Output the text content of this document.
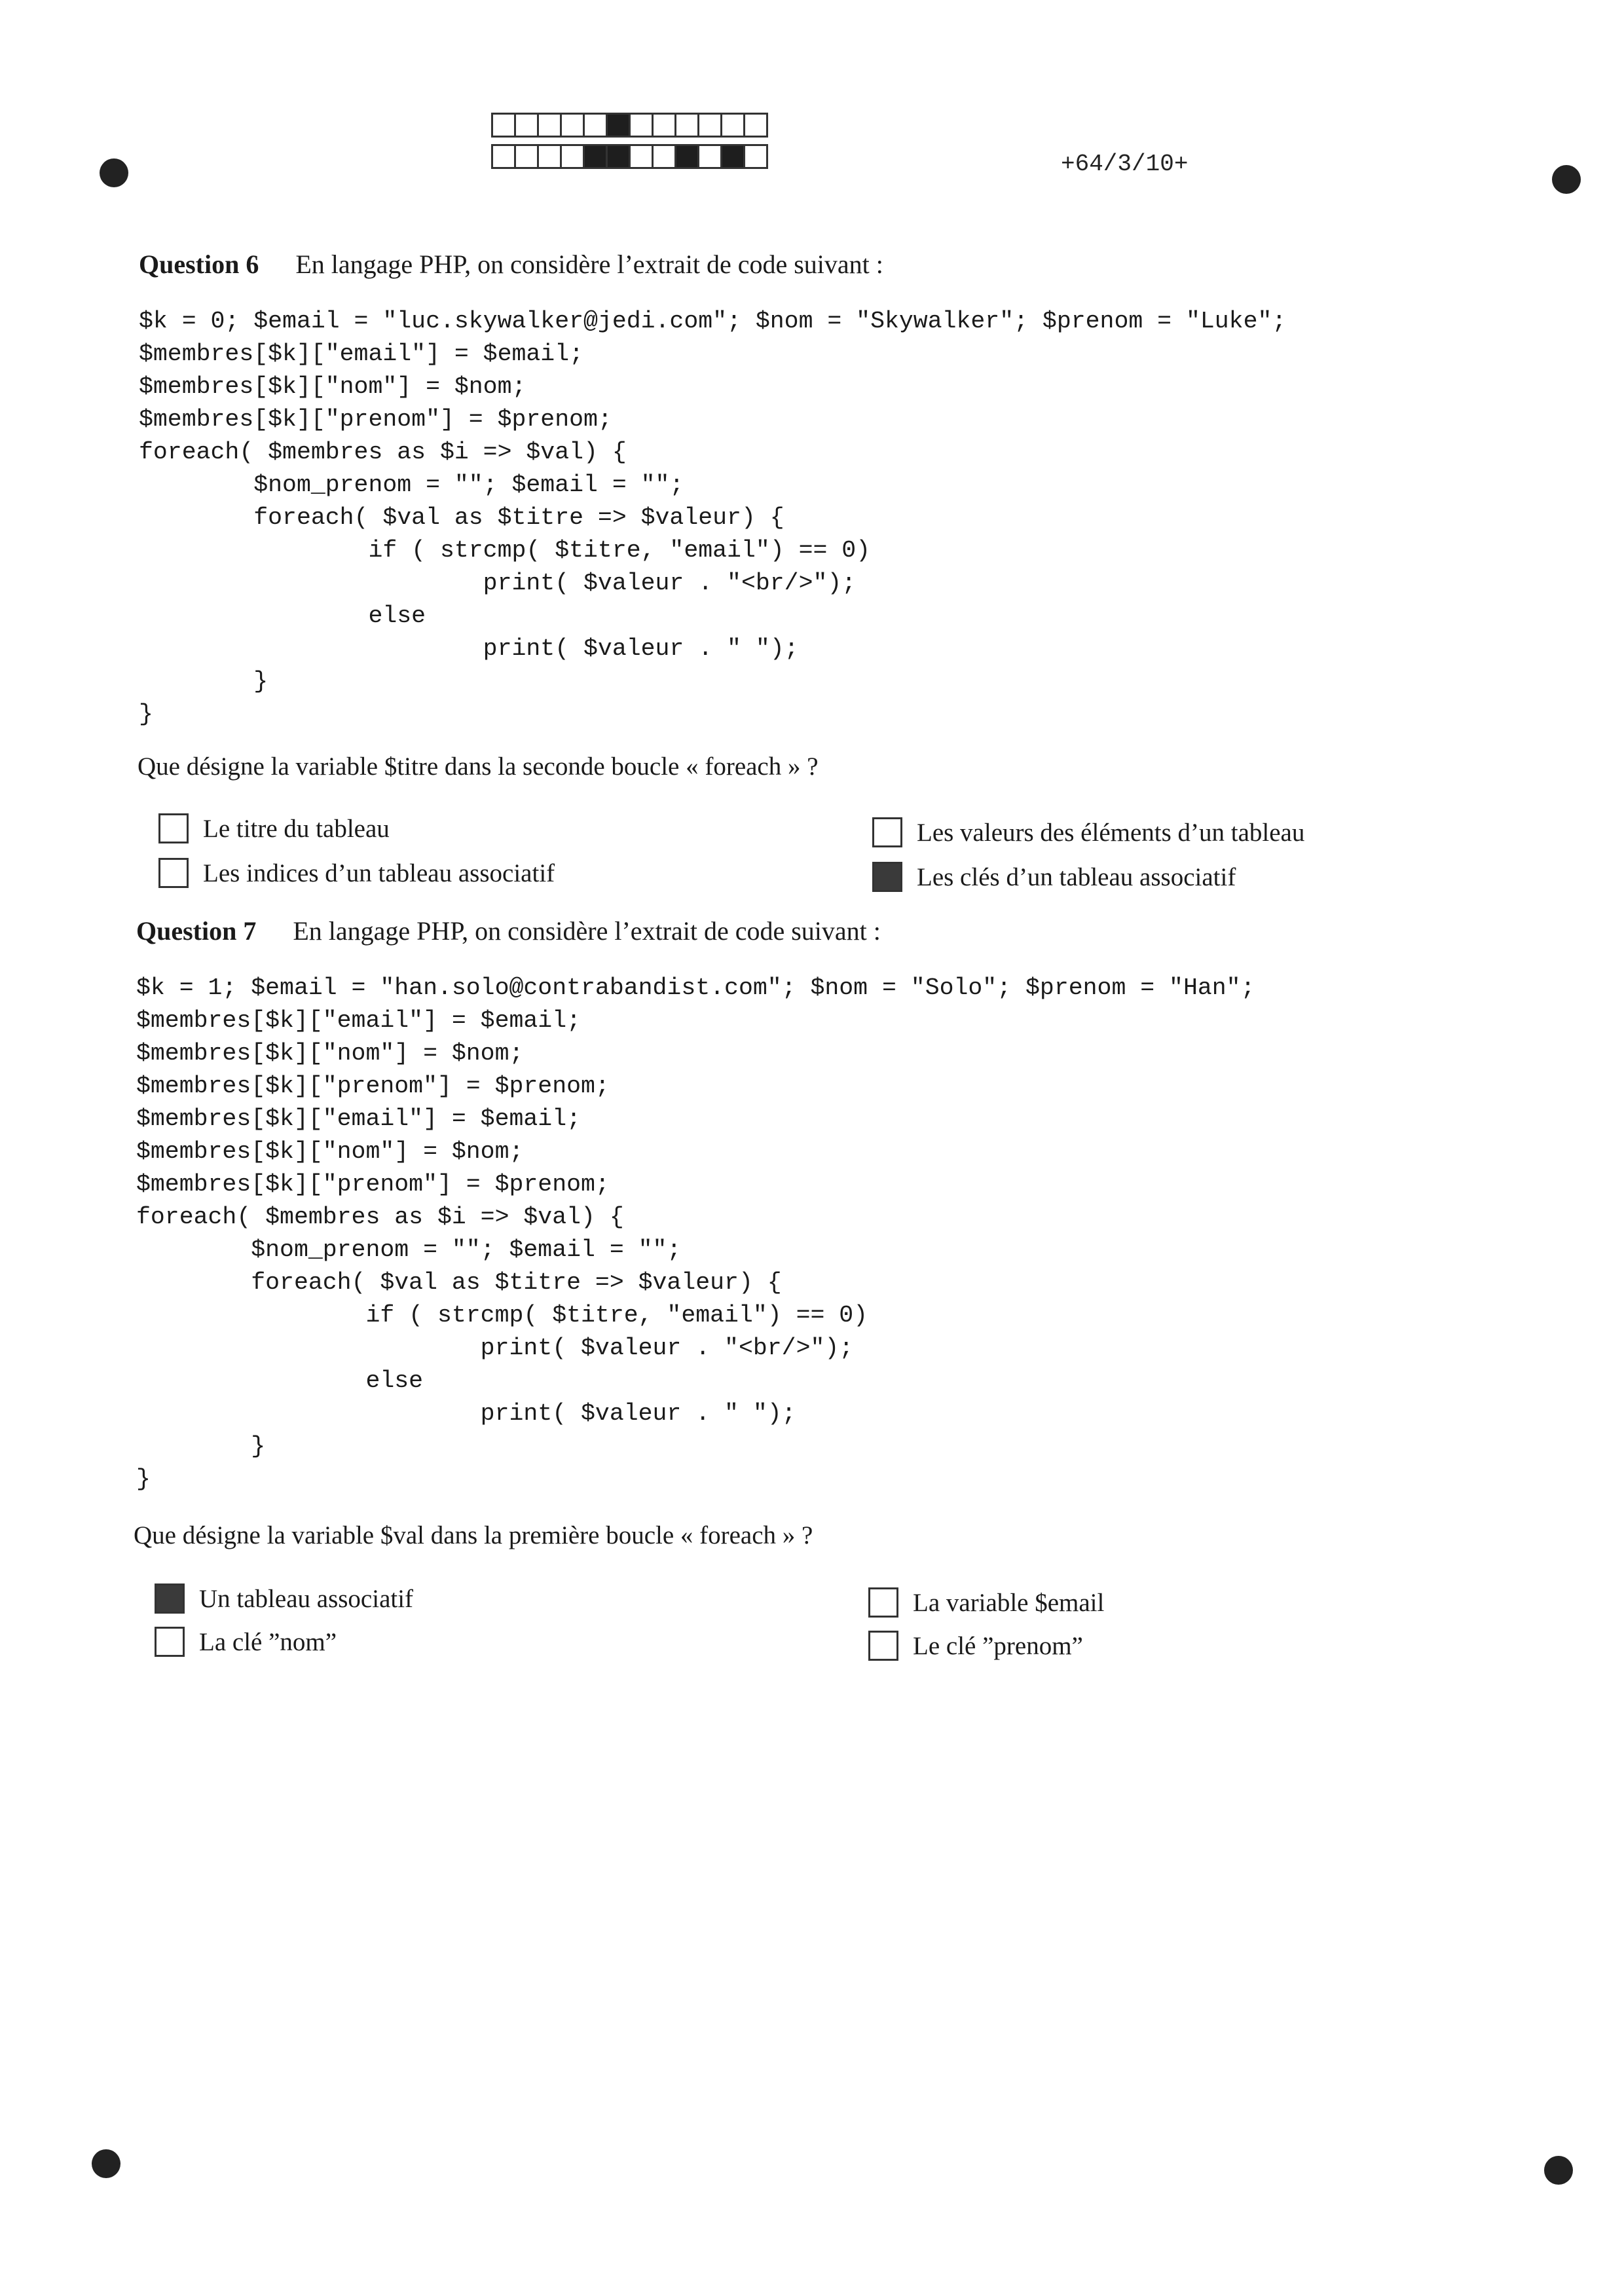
+64/3/10+
Question 6 En langage PHP, on considère l’extrait de code suivant :
$k = 0; $email = "luc.skywalker@jedi.com"; $nom = "Skywalker"; $prenom = "Luke";
$membres[$k]["email"] = $email;
$membres[$k]["nom"] = $nom;
$membres[$k]["prenom"] = $prenom;
foreach( $membres as $i => $val) {
$nom_prenom = ""; $email = "";
foreach( $val as $titre => $valeur) {
if ( strcmp( $titre, "email") == 0)
print( $valeur . "<br/>");
else
print( $valeur . " ");
}
}
Que désigne la variable $titre dans la seconde boucle « foreach » ?
Le titre du tableau	Les valeurs des éléments d’un tableau
Les indices d’un tableau associatif	Les clés d’un tableau associatif
Question 7 En langage PHP, on considère l’extrait de code suivant :
$k = 1; $email = "han.solo@contrabandist.com"; $nom = "Solo"; $prenom = "Han";
$membres[$k]["email"] = $email;
$membres[$k]["nom"] = $nom;
$membres[$k]["prenom"] = $prenom;
$membres[$k]["email"] = $email;
$membres[$k]["nom"] = $nom;
$membres[$k]["prenom"] = $prenom;
foreach( $membres as $i => $val) {
$nom_prenom = ""; $email = "";
foreach( $val as $titre => $valeur) {
if ( strcmp( $titre, "email") == 0)
print( $valeur . "<br/>");
else
print( $valeur . " ");
}
}
Que désigne la variable $val dans la première boucle « foreach » ?
Un tableau associatif	La variable $email
La clé ”nom”	Le clé ”prenom”
